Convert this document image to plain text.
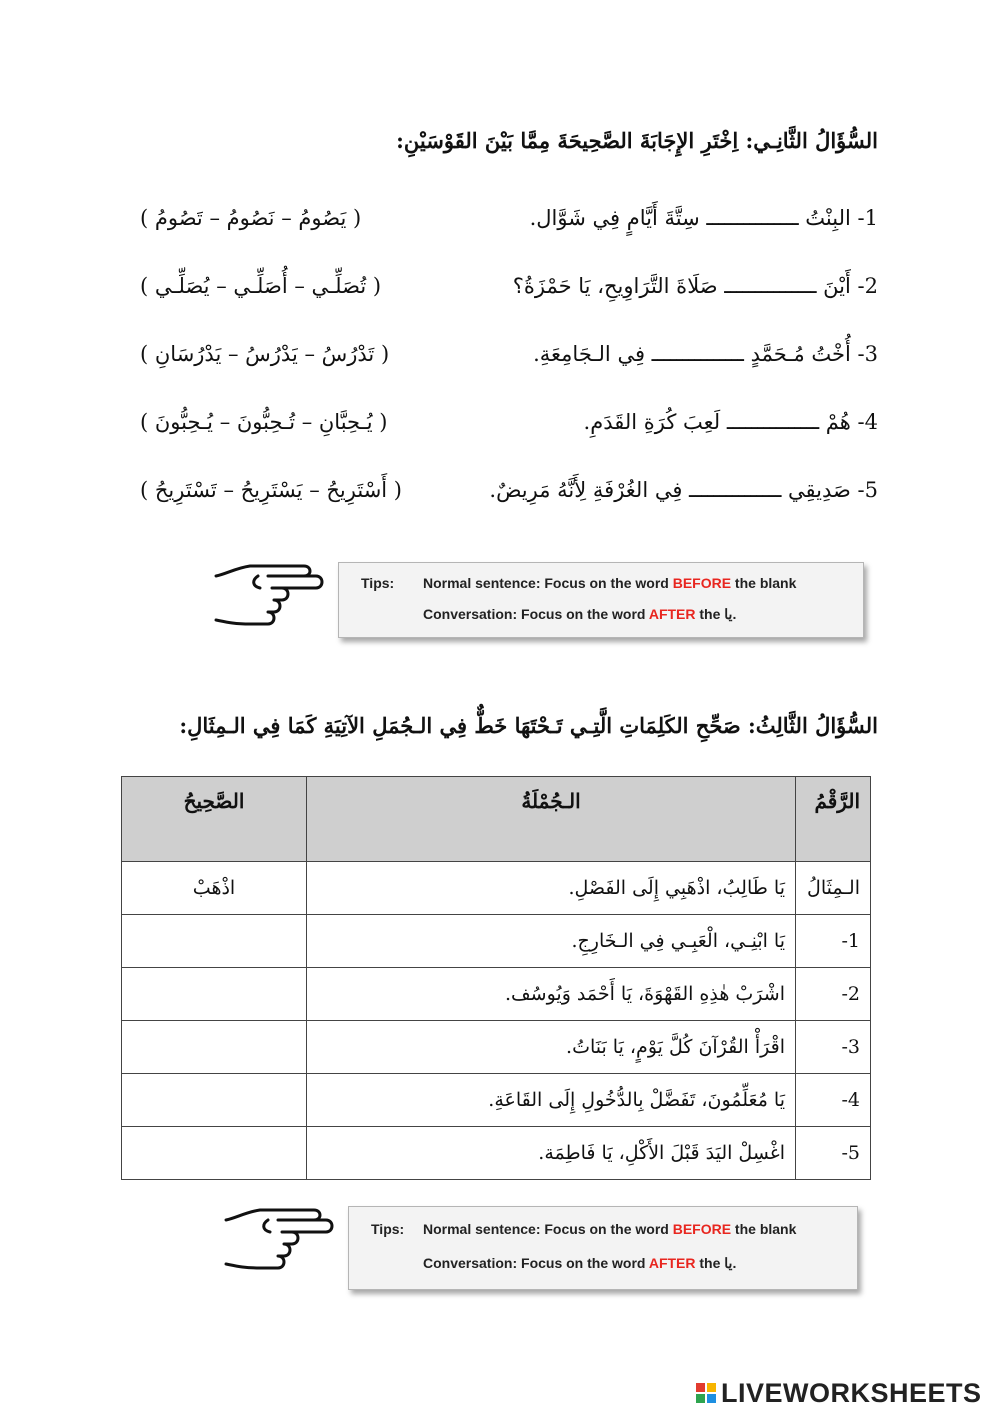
السُّؤَالُ الثَّانِـي: اِخْتَرِ الإِجَابَةَ الصَّحِيحَةَ مِمَّا بَيْنَ القَوْسَيْنِ:
1- البِنْتُ ـــــــــــــــ سِتَّةَ أَيَّامٍ فِي شَوَّال.
( يَصُومُ – نَصُومُ – تَصُومُ )
2- أَيْنَ ـــــــــــــــ صَلَاةَ التَّرَاوِيحِ، يَا حَمْزَةُ؟
( تُصَلِّـي – أُصَلِّـي – يُصَلِّـي )
3- أُخْتُ مُـحَمَّدٍ ـــــــــــــــ فِي الـجَامِعَةِ.
( تَدْرُسُ – يَدْرُسُ – يَدْرُسَانِ )
4- هُمْ ـــــــــــــــ لَعِبَ كُرَةِ القَدَمِ.
( يُـحِبَّانِ – تُـحِبُّونَ – يُـحِبُّونَ )
5- صَدِيقِي ـــــــــــــــ فِي الغُرْفَةِ لِأَنَّهُ مَرِيضٌ.
( أَسْتَرِيحُ – يَسْتَرِيحُ – تَسْتَرِيحُ )
Tips: Normal sentence: Focus on the word BEFORE the blank
Conversation: Focus on the word AFTER the يا.
السُّؤَالُ الثَّالِثُ: صَحِّحِ الكَلِمَاتِ الَّتِـي تَـحْتَهَا خَطٌّ فِي الـجُمَلِ الآتِيَةِ كَمَا فِي الـمِثَالِ:
الصَّحِيحُ	الـجُمْلَةُ	الرَّقْمُ
اذْهَبْ	يَا طَالِبُ، اذْهَبِي إِلَى الفَصْلِ.	الـمِثَالُ
	يَا ابْنِـي، الْعَبِـي فِي الـخَارِجِ.	1-
	اشْرَبْ هٰذِهِ القَهْوَةَ، يَا أَحْمَد وَيُوسُف.	2-
	اقْرَأْ القُرْآنَ كُلَّ يَوْمٍ، يَا بَنَاتُ.	3-
	يَا مُعَلِّمُونَ، تَفَضَّلْ بِالدُّخُولِ إِلَى القَاعَةِ.	4-
	اغْسِلْ اليَدَ قَبْلَ الأَكْلِ، يَا فَاطِمَة.	5-
Tips: Normal sentence: Focus on the word BEFORE the blank
Conversation: Focus on the word AFTER the يا.
LIVEWORKSHEETS
